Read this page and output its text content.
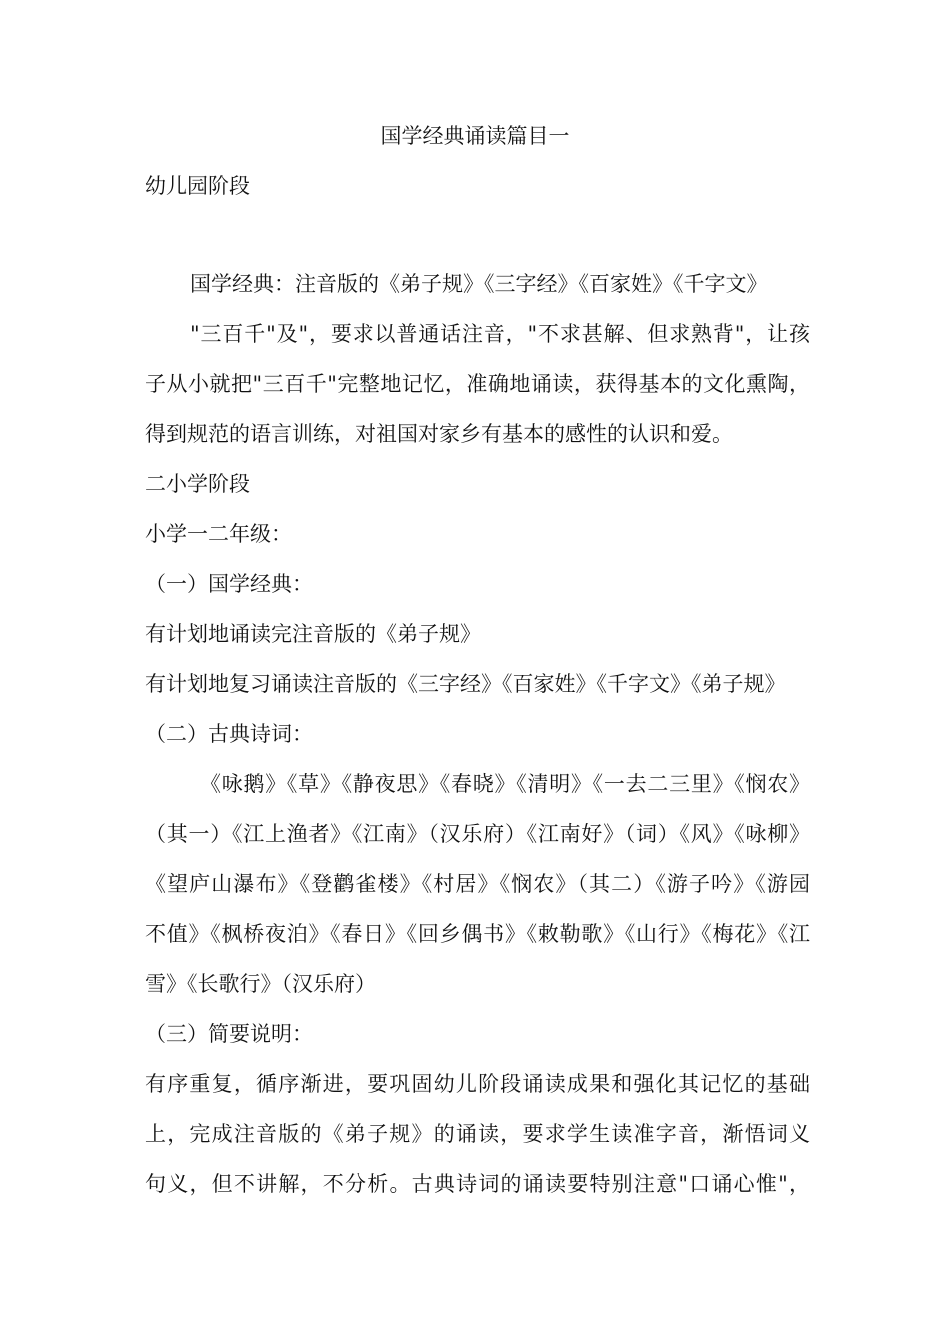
国学经典诵读篇目一
幼儿园阶段
国学经典：注音版的《弟子规》《三字经》《百家姓》《千字文》
"三百千"及"，要求以普通话注音，"不求甚解、但求熟背"，让孩
子从小就把"三百千"完整地记忆，准确地诵读，获得基本的文化熏陶，
得到规范的语言训练，对祖国对家乡有基本的感性的认识和爱。
二小学阶段
小学一二年级：
（一）国学经典：
有计划地诵读完注音版的《弟子规》
有计划地复习诵读注音版的《三字经》《百家姓》《千字文》《弟子规》
（二）古典诗词：
《咏鹅》《草》《静夜思》《春晓》《清明》《一去二三里》《悯农》
（其一）《江上渔者》《江南》（汉乐府）《江南好》（词）《风》《咏柳》
《望庐山瀑布》《登鹳雀楼》《村居》《悯农》（其二）《游子吟》《游园
不值》《枫桥夜泊》《春日》《回乡偶书》《敕勒歌》《山行》《梅花》《江
雪》《长歌行》（汉乐府）
（三）简要说明：
有序重复，循序渐进，要巩固幼儿阶段诵读成果和强化其记忆的基础
上，完成注音版的《弟子规》的诵读，要求学生读准字音，渐悟词义
句义，但不讲解，不分析。古典诗词的诵读要特别注意"口诵心惟"，
